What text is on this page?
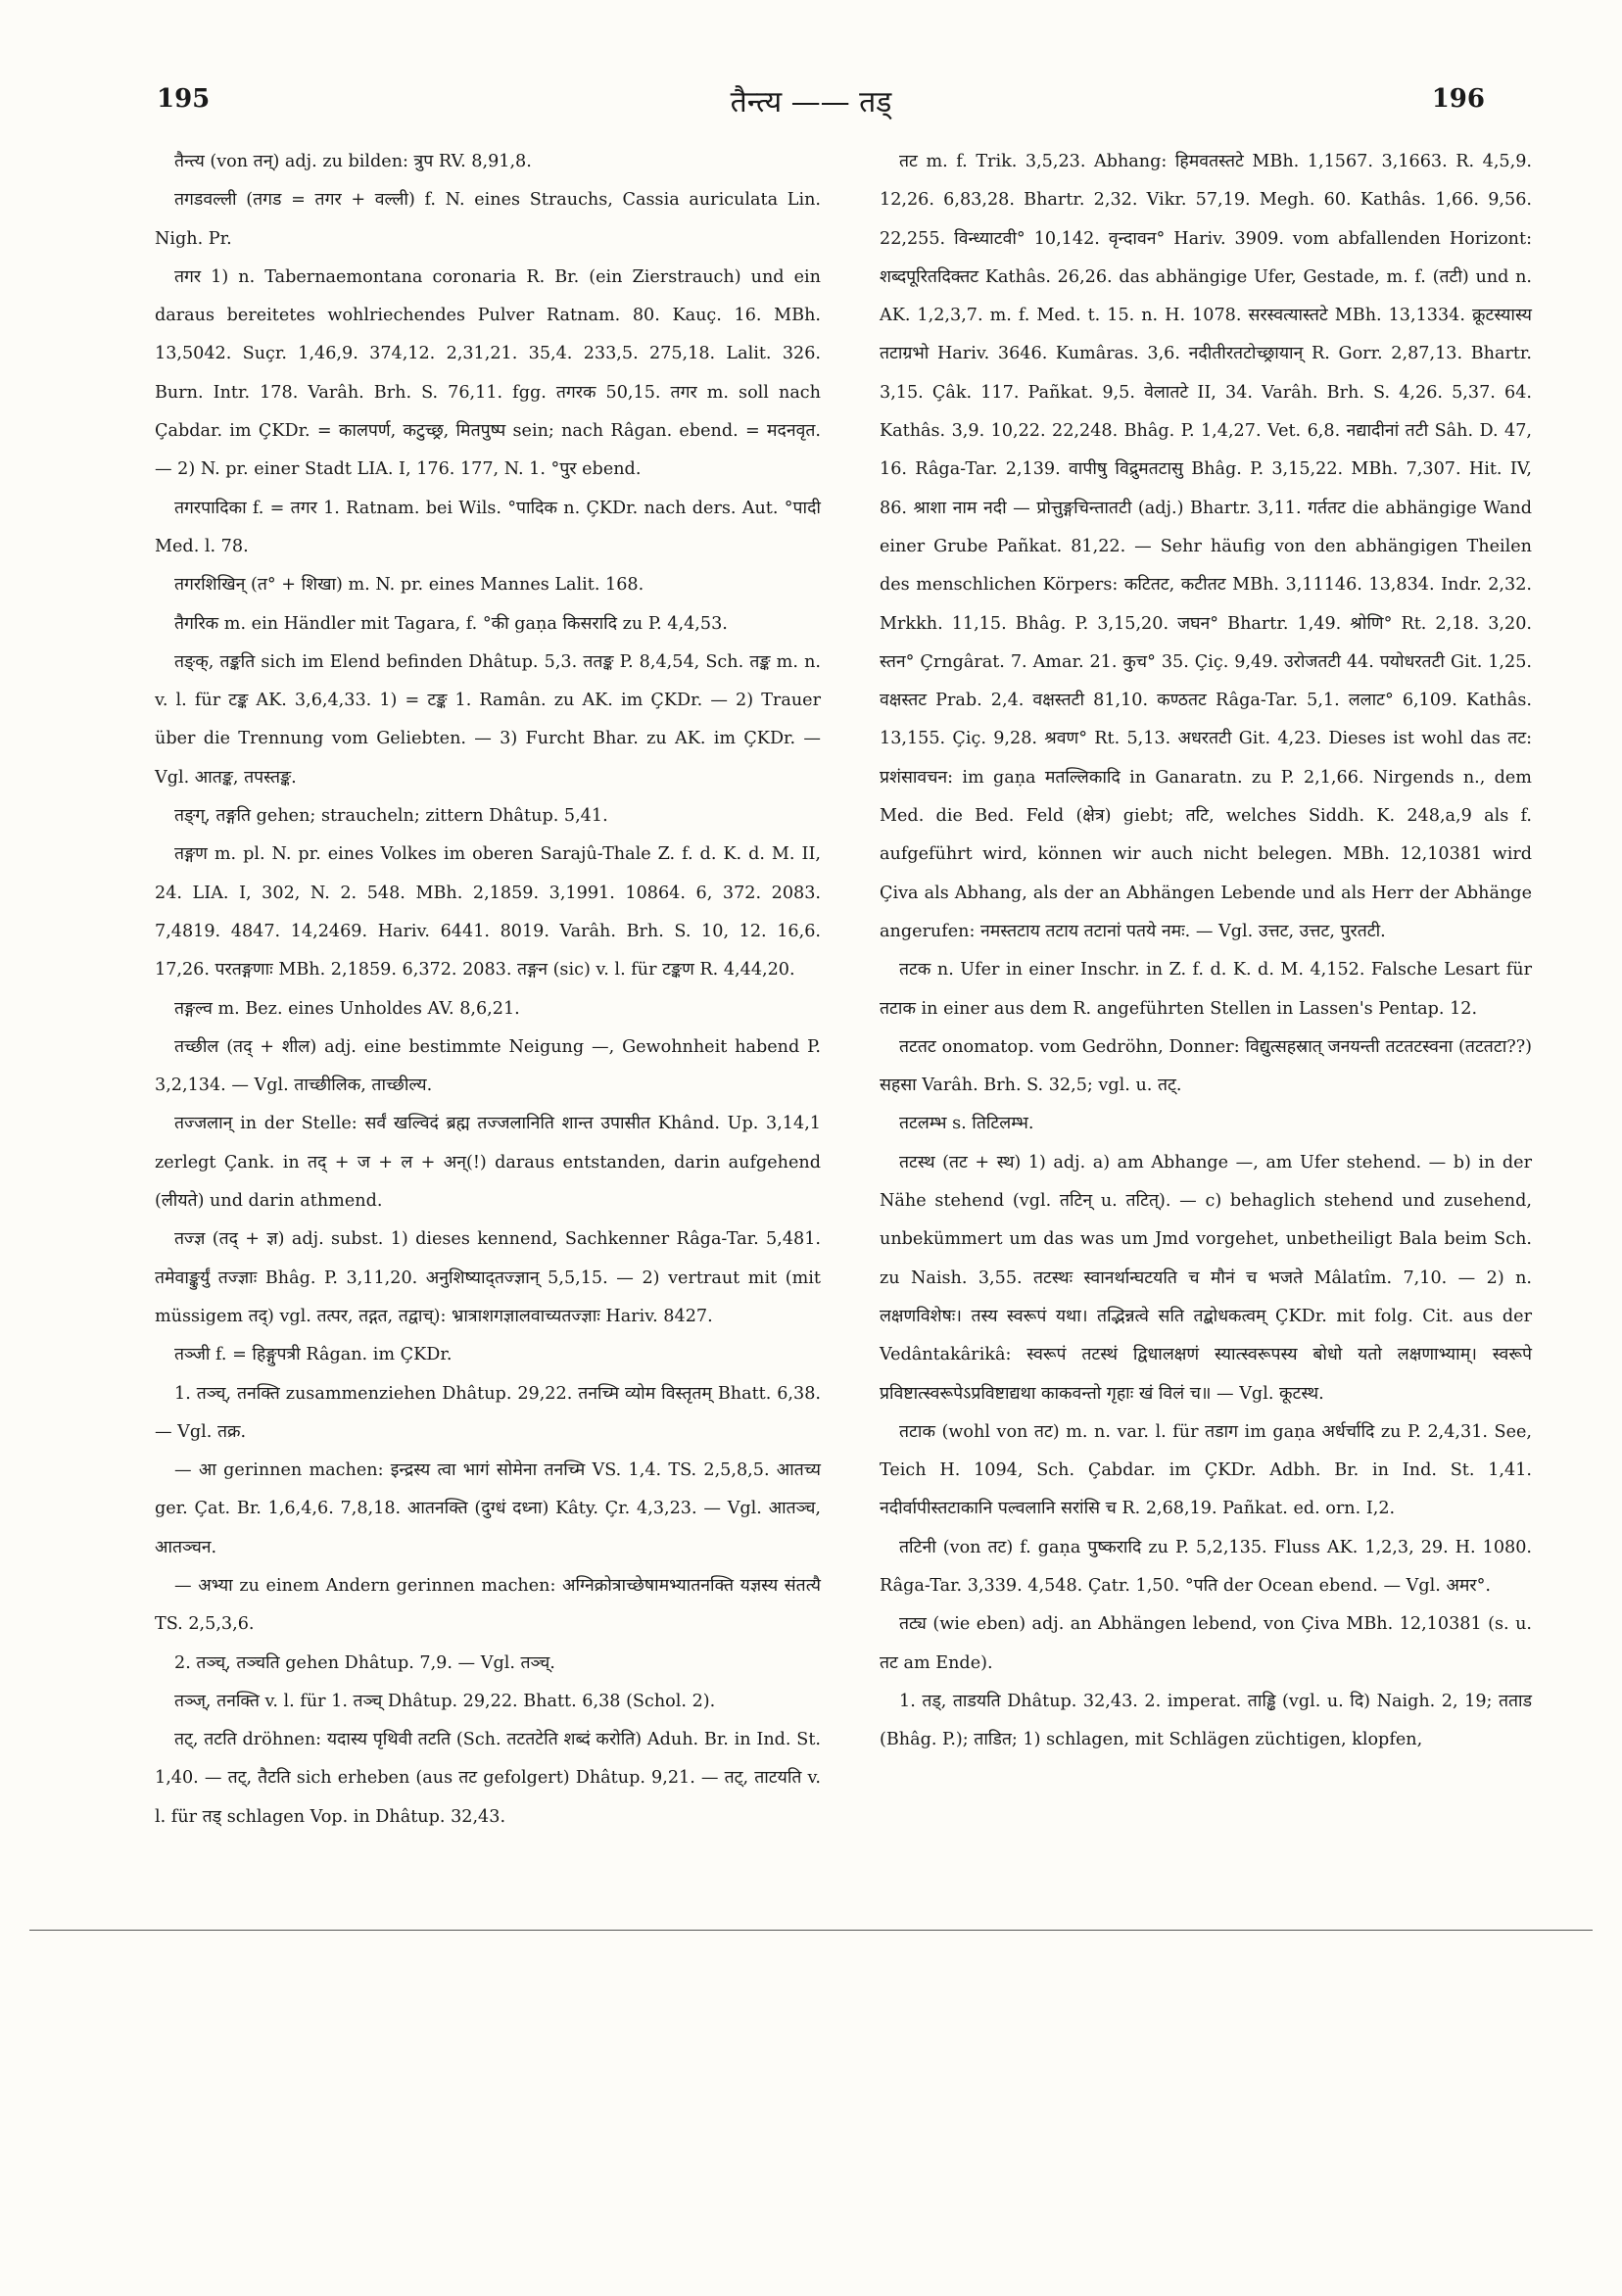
195	तैन्त्य —— तड्	196

तैन्त्य (von तन्) adj. zu bilden: त्रुप RV. 8,91,8.

तगडवल्ली (तगड = तगर + वल्ली) f. N. eines Strauchs, Cassia auriculata Lin. Nigh. Pr.

तगर 1) n. Tabernaemontana coronaria R. Br. (ein Zierstrauch) und ein daraus bereitetes wohlriechendes Pulver Ratnam. 80. Kauç. 16. MBh. 13,5042. Suçr. 1,46,9. 374,12. 2,31,21. 35,4. 233,5. 275,18. Lalit. 326. Burn. Intr. 178. Varâh. Brh. S. 76,11. fgg. तगरक 50,15. तगर m. soll nach Çabdar. im ÇKDr. = कालपर्ण, कटुच्छ्र, मितपुष्प sein; nach Râgan. ebend. = मदनवृत. — 2) N. pr. einer Stadt LIA. I, 176. 177, N. 1. °पुर ebend.

तगरपादिका f. = तगर 1. Ratnam. bei Wils. °पादिक n. ÇKDr. nach ders. Aut. °पादी Med. l. 78.

तगरशिखिन् (त° + शिखा) m. N. pr. eines Mannes Lalit. 168.

तैगरिक m. ein Händler mit Tagara, f. °की gaṇa किसरादि zu P. 4,4,53.

तङ्क्, तङ्कति sich im Elend befinden Dhâtup. 5,3. ततङ्क P. 8,4,54, Sch. तङ्क m. n. v. l. für टङ्क AK. 3,6,4,33. 1) = टङ्क 1. Ramân. zu AK. im ÇKDr. — 2) Trauer über die Trennung vom Geliebten. — 3) Furcht Bhar. zu AK. im ÇKDr. — Vgl. आतङ्क, तपस्तङ्क.

तङ्ग्, तङ्गति gehen; straucheln; zittern Dhâtup. 5,41.

तङ्गण m. pl. N. pr. eines Volkes im oberen Sarajû-Thale Z. f. d. K. d. M. II, 24. LIA. I, 302, N. 2. 548. MBh. 2,1859. 3,1991. 10864. 6, 372. 2083. 7,4819. 4847. 14,2469. Hariv. 6441. 8019. Varâh. Brh. S. 10, 12. 16,6. 17,26. परतङ्गणाः MBh. 2,1859. 6,372. 2083. तङ्गन (sic) v. l. für टङ्कण R. 4,44,20.

तङ्गल्व m. Bez. eines Unholdes AV. 8,6,21.

तच्छील (तद् + शील) adj. eine bestimmte Neigung —, Gewohnheit habend P. 3,2,134. — Vgl. ताच्छीलिक, ताच्छील्य.

तज्जलान् in der Stelle: सर्वं खल्विदं ब्रह्म तज्जलानिति शान्त उपासीत Khând. Up. 3,14,1 zerlegt Çank. in तद् + ज + ल + अन्(!) daraus entstanden, darin aufgehend (लीयते) und darin athmend.

तज्ज्ञ (तद् + ज्ञ) adj. subst. 1) dieses kennend, Sachkenner Râga-Tar. 5,481. तमेवाङ्कुर्युं तज्ज्ञाः Bhâg. P. 3,11,20. अनुशिष्याद्तज्ज्ञान् 5,5,15. — 2) vertraut mit (mit müssigem तद्) vgl. तत्पर, तद्गत, तद्वाच्): भ्रात्राशगज्ञालवाच्यतज्ज्ञाः Hariv. 8427.

तञ्जी f. = हिङ्गुपत्री Râgan. im ÇKDr.

1. तञ्च्, तनक्ति zusammenziehen Dhâtup. 29,22. तनच्मि व्योम विस्तृतम् Bhatt. 6,38. — Vgl. तक्र.

— आ gerinnen machen: इन्द्रस्य त्वा भागं सोमेना तनच्मि VS. 1,4. TS. 2,5,8,5. आतच्य ger. Çat. Br. 1,6,4,6. 7,8,18. आतनक्ति (दुग्धं दध्ना) Kâty. Çr. 4,3,23. — Vgl. आतञ्च, आतञ्चन.

— अभ्या zu einem Andern gerinnen machen: अग्निक्रोत्राच्छेषामभ्यातनक्ति यज्ञस्य संतत्यै TS. 2,5,3,6.

2. तञ्च्, तञ्चति gehen Dhâtup. 7,9. — Vgl. तञ्च्.

तञ्ज्, तनक्ति v. l. für 1. तञ्च् Dhâtup. 29,22. Bhatt. 6,38 (Schol. 2).

तट्, तटति dröhnen: यदास्य पृथिवी तटति (Sch. तटतटेति शब्दं करोति) Aduh. Br. in Ind. St. 1,40. — तट्, तैटति sich erheben (aus तट gefolgert) Dhâtup. 9,21. — तट्, ताटयति v. l. für तड् schlagen Vop. in Dhâtup. 32,43.

तट m. f. Trik. 3,5,23. Abhang: हिमवतस्तटे MBh. 1,1567. 3,1663. R. 4,5,9. 12,26. 6,83,28. Bhartr. 2,32. Vikr. 57,19. Megh. 60. Kathâs. 1,66. 9,56. 22,255. विन्ध्याटवी° 10,142. वृन्दावन° Hariv. 3909. vom abfallenden Horizont: शब्दपूरितदिक्तट Kathâs. 26,26. das abhängige Ufer, Gestade, m. f. (तटी) und n. AK. 1,2,3,7. m. f. Med. t. 15. n. H. 1078. सरस्वत्यास्तटे MBh. 13,1334. क्रूटस्यास्य तटाग्रभो Hariv. 3646. Kumâras. 3,6. नदीतीरतटोच्छ्रायान् R. Gorr. 2,87,13. Bhartr. 3,15. Çâk. 117. Pañkat. 9,5. वेलातटे II, 34. Varâh. Brh. S. 4,26. 5,37. 64. Kathâs. 3,9. 10,22. 22,248. Bhâg. P. 1,4,27. Vet. 6,8. नद्यादीनां तटी Sâh. D. 47, 16. Râga-Tar. 2,139. वापीषु विद्रुमतटासु Bhâg. P. 3,15,22. MBh. 7,307. Hit. IV, 86. श्राशा नाम नदी — प्रोत्तुङ्गचिन्तातटी (adj.) Bhartr. 3,11. गर्ततट die abhängige Wand einer Grube Pañkat. 81,22. — Sehr häufig von den abhängigen Theilen des menschlichen Körpers: कटितट, कटीतट MBh. 3,11146. 13,834. Indr. 2,32. Mrkkh. 11,15. Bhâg. P. 3,15,20. जघन° Bhartr. 1,49. श्रोणि° Rt. 2,18. 3,20. स्तन° Çrngârat. 7. Amar. 21. कुच° 35. Çiç. 9,49. उरोजतटी 44. पयोधरतटी Git. 1,25. वक्षस्तट Prab. 2,4. वक्षस्तटी 81,10. कण्ठतट Râga-Tar. 5,1. ललाट° 6,109. Kathâs. 13,155. Çiç. 9,28. श्रवण° Rt. 5,13. अधरतटी Git. 4,23. Dieses ist wohl das तट: प्रशंसावचन: im gaṇa मतल्लिकादि in Ganaratn. zu P. 2,1,66. Nirgends n., dem Med. die Bed. Feld (क्षेत्र) giebt; तटि, welches Siddh. K. 248,a,9 als f. aufgeführt wird, können wir auch nicht belegen. MBh. 12,10381 wird Çiva als Abhang, als der an Abhängen Lebende und als Herr der Abhänge angerufen: नमस्तटाय तटाय तटानां पतये नमः. — Vgl. उत्तट, उत्तट, पुरतटी.

तटक n. Ufer in einer Inschr. in Z. f. d. K. d. M. 4,152. Falsche Lesart für तटाक in einer aus dem R. angeführten Stellen in Lassen's Pentap. 12.

तटतट onomatop. vom Gedröhn, Donner: विद्युत्सहस्रात् जनयन्ती तटतटस्वना (तटतटा??) सहसा Varâh. Brh. S. 32,5; vgl. u. तट्.

तटलम्भ s. तिटिलम्भ.

तटस्थ (तट + स्थ) 1) adj. a) am Abhange —, am Ufer stehend. — b) in der Nähe stehend (vgl. तटिन् u. तटित्). — c) behaglich stehend und zusehend, unbekümmert um das was um Jmd vorgehet, unbetheiligt Bala beim Sch. zu Naish. 3,55. तटस्थः स्वानर्थान्घटयति च मौनं च भजते Mâlatîm. 7,10. — 2) n. लक्षणविशेषः। तस्य स्वरूपं यथा। तद्भिन्नत्वे सति तद्बोधकत्वम् ÇKDr. mit folg. Cit. aus der Vedântakârikâ: स्वरूपं तटस्थं द्विधालक्षणं स्यात्स्वरूपस्य बोधो यतो लक्षणाभ्याम्। स्वरूपे प्रविष्टात्स्वरूपेऽप्रविष्टाद्यथा काकवन्तो गृहाः खं विलं च॥ — Vgl. कूटस्थ.

तटाक (wohl von तट) m. n. var. l. für तडाग im gaṇa अर्धर्चादि zu P. 2,4,31. See, Teich H. 1094, Sch. Çabdar. im ÇKDr. Adbh. Br. in Ind. St. 1,41. नदीर्वापीस्तटाकानि पल्वलानि सरांसि च R. 2,68,19. Pañkat. ed. orn. I,2.

तटिनी (von तट) f. gaṇa पुष्करादि zu P. 5,2,135. Fluss AK. 1,2,3, 29. H. 1080. Râga-Tar. 3,339. 4,548. Çatr. 1,50. °पति der Ocean ebend. — Vgl. अमर°.

तट्य (wie eben) adj. an Abhängen lebend, von Çiva MBh. 12,10381 (s. u. तट am Ende).

1. तड्, ताडयति Dhâtup. 32,43. 2. imperat. ताड्ढि (vgl. u. दि) Naigh. 2, 19; तताड (Bhâg. P.); ताडित; 1) schlagen, mit Schlägen züchtigen, klopfen,
